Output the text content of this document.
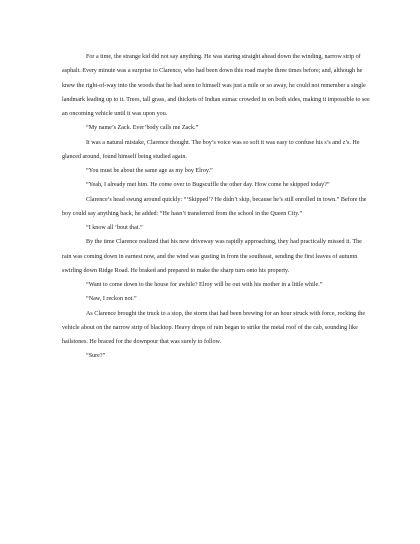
For a time, the strange kid did not say anything. He was staring straight ahead down the winding, narrow strip of asphalt. Every minute was a surprise to Clarence, who had been down this road maybe three times before; and, although he knew the right-of-way into the woods that he had seen to himself was just a mile or so away, he could not remember a single landmark leading up to it. Trees, tall grass, and thickets of Indian sumac crowded in on both sides, making it impossible to see an oncoming vehicle until it was upon you.

“My name’s Zack. Ever’body calls me Zack.”

It was a natural mistake, Clarence thought. The boy’s voice was so soft it was easy to confuse his s’s and z’s. He glanced around, found himself being studied again.

“You must be about the same age as my boy Elroy.”

“Yeah, I already met him. He come over to Bugscuffle the other day. How come he skipped today?”

Clarence’s head swung around quickly: “‘Skipped’? He didn’t skip, because he’s still enrolled in town.” Before the boy could say anything back, he added: “He hasn’t transferred from the school in the Queen City.”

“I know all ’bout that.”

By the time Clarence realized that his new driveway was rapidly approaching, they had practically missed it. The rain was coming down in earnest now, and the wind was gusting in from the southeast, sending the first leaves of autumn swirling down Ridge Road. He braked and prepared to make the sharp turn onto his property.

“Want to come down to the house for awhile? Elroy will be out with his mother in a little while.”

“Naw, I reckon not.”

As Clarence brought the truck to a stop, the storm that had been brewing for an hour struck with force, rocking the vehicle about on the narrow strip of blacktop. Heavy drops of rain began to strike the metal roof of the cab, sounding like hailstones. He braced for the downpour that was surely to follow.

“Sure?”
